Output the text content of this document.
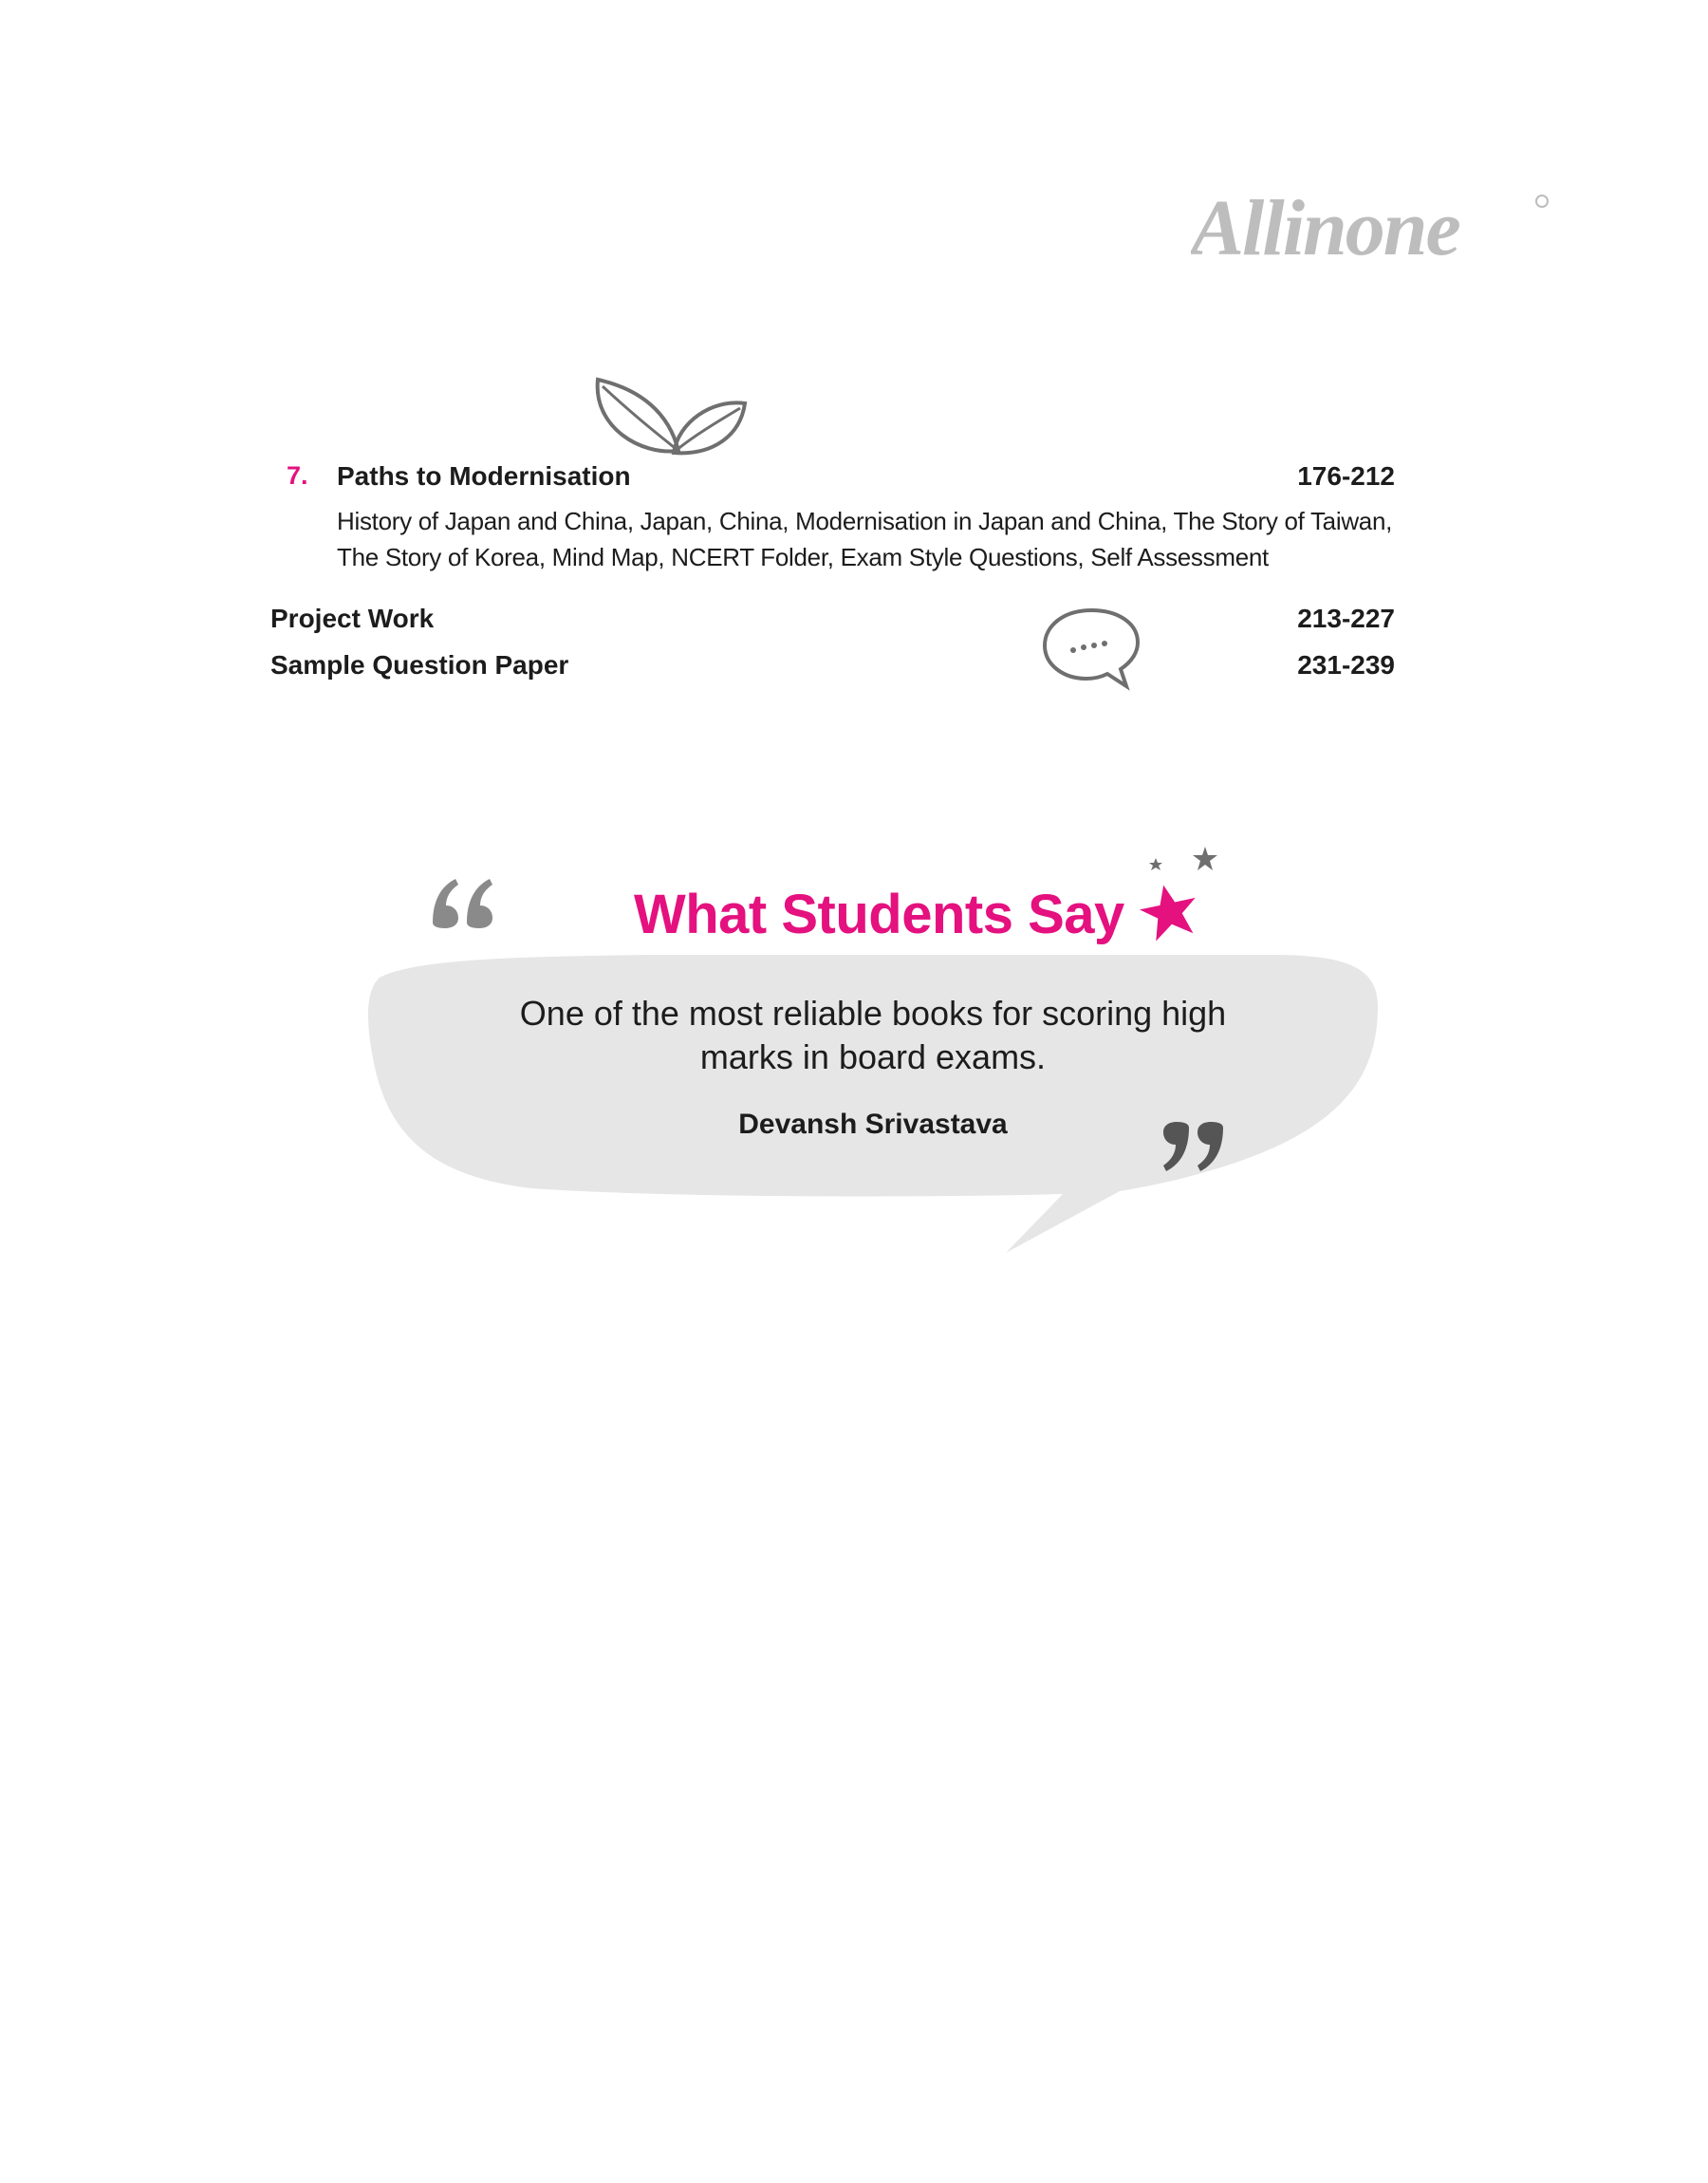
Allinone
7. Paths to Modernisation	176-212
History of Japan and China, Japan, China, Modernisation in Japan and China, The Story of Taiwan,
The Story of Korea, Mind Map, NCERT Folder, Exam Style Questions, Self Assessment
Project Work	213-227
Sample Question Paper	231-239
What Students Say
One of the most reliable books for scoring high
marks in board exams.
Devansh Srivastava
